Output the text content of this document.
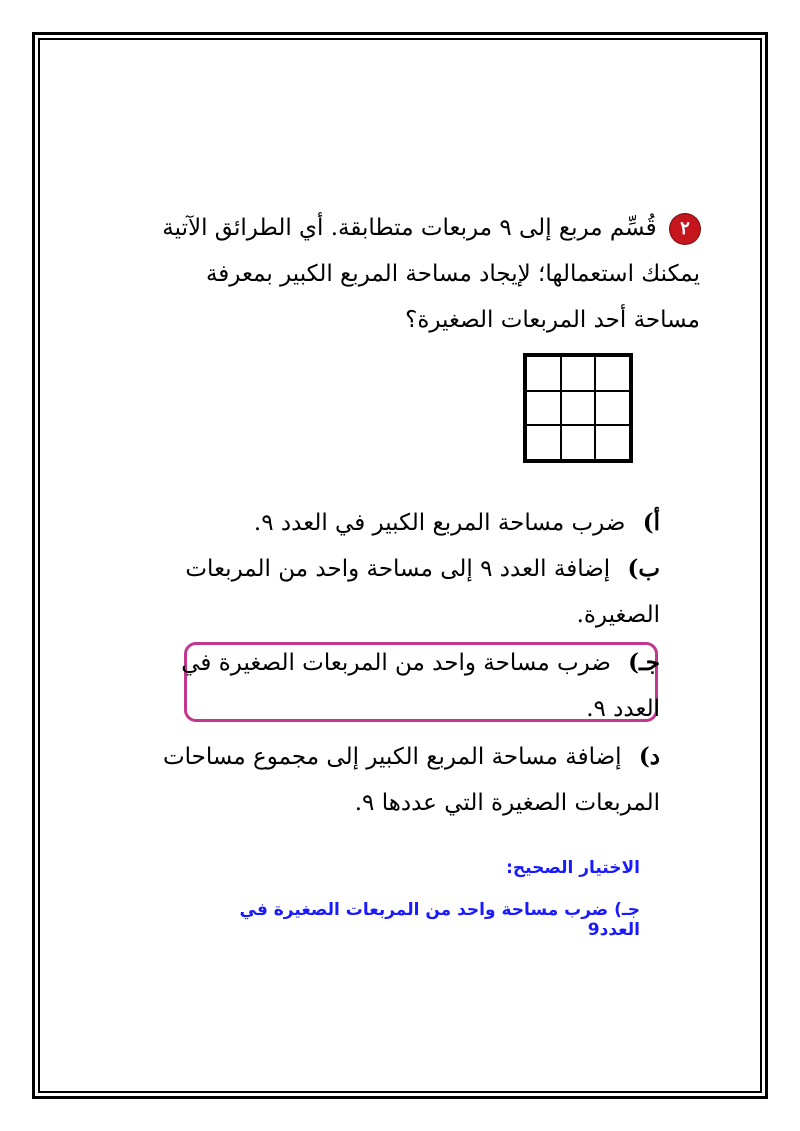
٢ قُسِّم مربع إلى ٩ مربعات متطابقة. أي الطرائق الآتية يمكنك استعمالها؛ لإيجاد مساحة المربع الكبير بمعرفة مساحة أحد المربعات الصغيرة؟
أ) ضرب مساحة المربع الكبير في العدد ٩.
ب) إضافة العدد ٩ إلى مساحة واحد من المربعات الصغيرة.
جـ) ضرب مساحة واحد من المربعات الصغيرة في العدد ٩.
د) إضافة مساحة المربع الكبير إلى مجموع مساحات المربعات الصغيرة التي عددها ٩.
الاختيار الصحيح:
جـ) ضرب مساحة واحد من المربعات الصغيرة في العدد9
